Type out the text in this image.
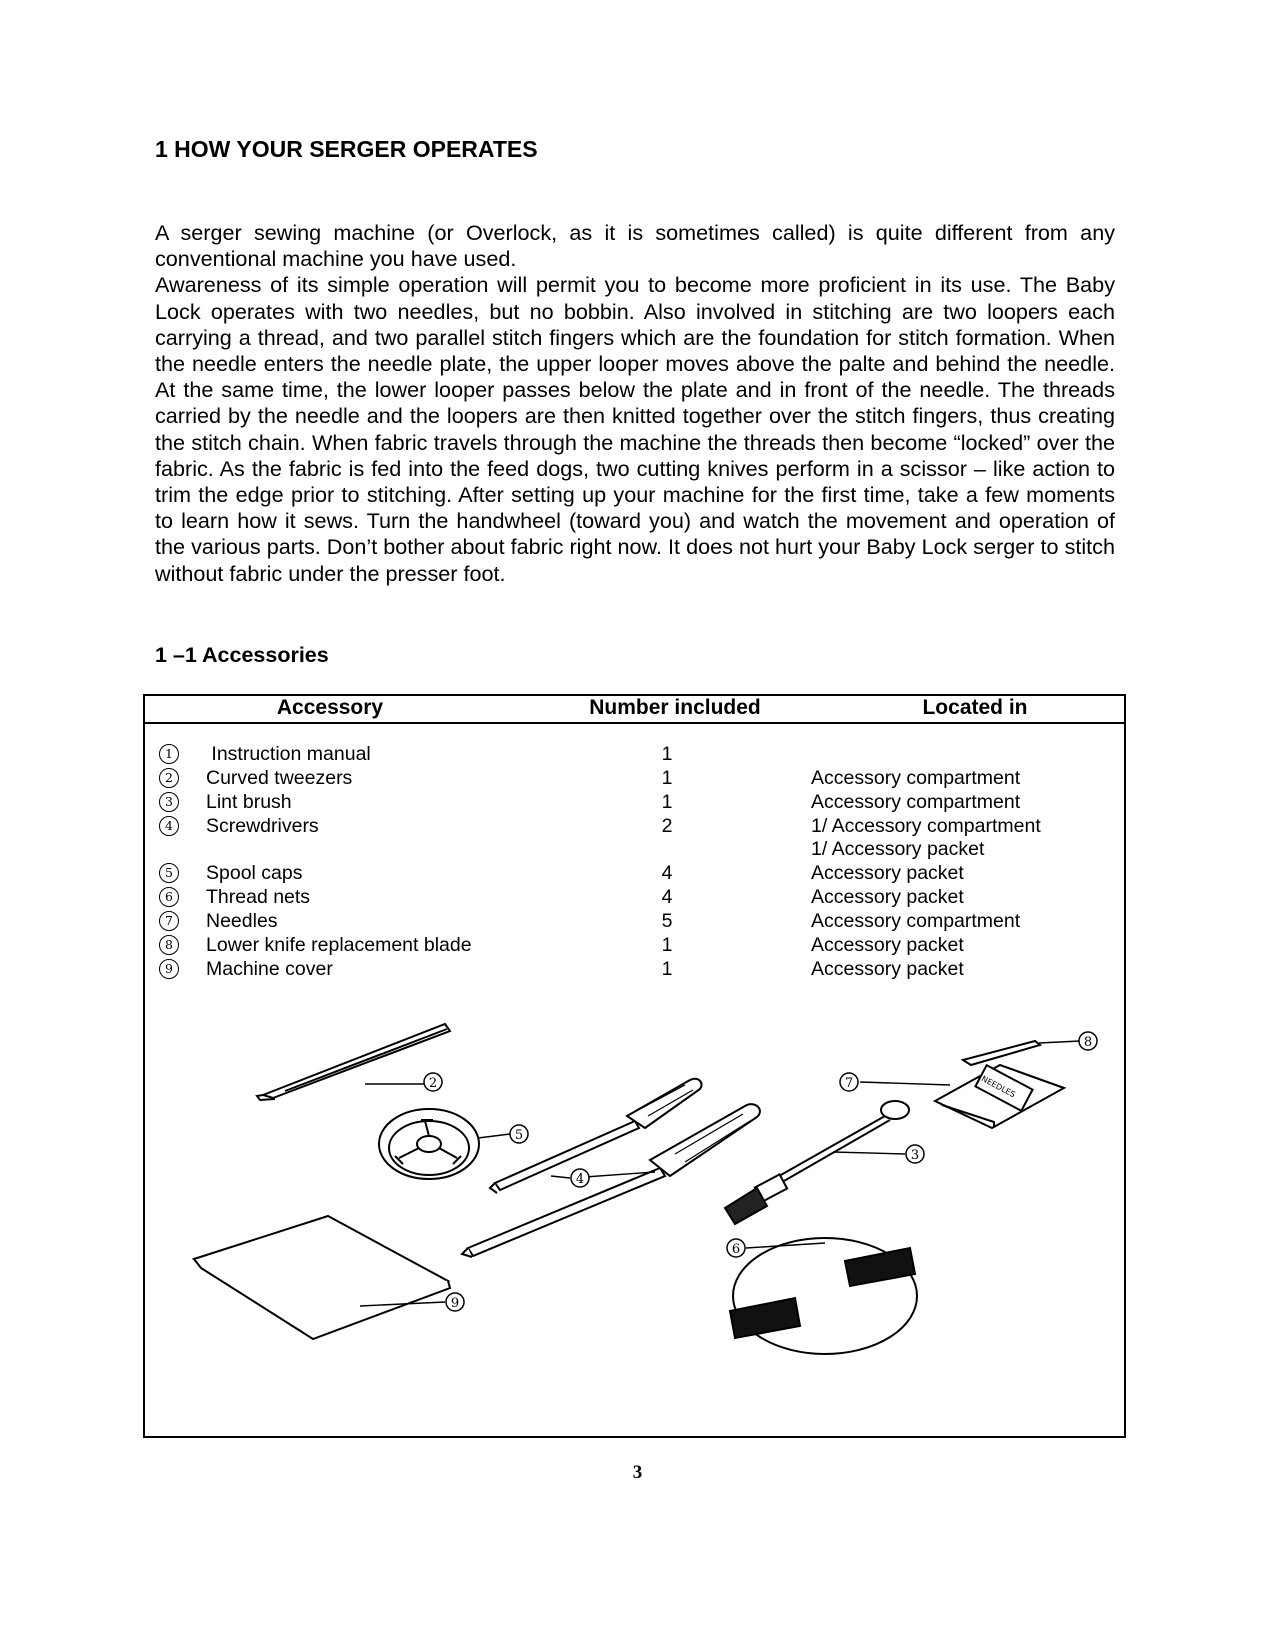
1 HOW YOUR SERGER OPERATES

A serger sewing machine (or Overlock, as it is sometimes called) is quite different from any conventional machine you have used.

Awareness of its simple operation will permit you to become more proficient in its use. The Baby Lock operates with two needles, but no bobbin. Also involved in stitching are two loopers each carrying a thread, and two parallel stitch fingers which are the foundation for stitch formation. When the needle enters the needle plate, the upper looper moves above the palte and behind the needle. At the same time, the lower looper passes below the plate and in front of the needle. The threads carried by the needle and the loopers are then knitted together over the stitch fingers, thus creating the stitch chain. When fabric travels through the machine the threads then become “locked” over the fabric. As the fabric is fed into the feed dogs, two cutting knives perform in a scissor – like action to trim the edge prior to stitching. After setting up your machine for the first time, take a few moments to learn how it sews. Turn the handwheel (toward you) and watch the movement and operation of the various parts. Don’t bother about fabric right now. It does not hurt your Baby Lock serger to stitch without fabric under the presser foot.

1 –1 Accessories
Accessory	Number included	Located in
1	Instruction manual	1
2	Curved tweezers	1	Accessory compartment
3	Lint brush	1	Accessory compartment
4	Screwdrivers	2	1/ Accessory compartment
1/ Accessory packet
5	Spool caps	4	Accessory packet
6	Thread nets	4	Accessory packet
7	Needles	5	Accessory compartment
8	Lower knife replacement blade	1	Accessory packet
9	Machine cover	1	Accessory packet
NEEDLES
2
8
7
5
4
3
6
9
3
